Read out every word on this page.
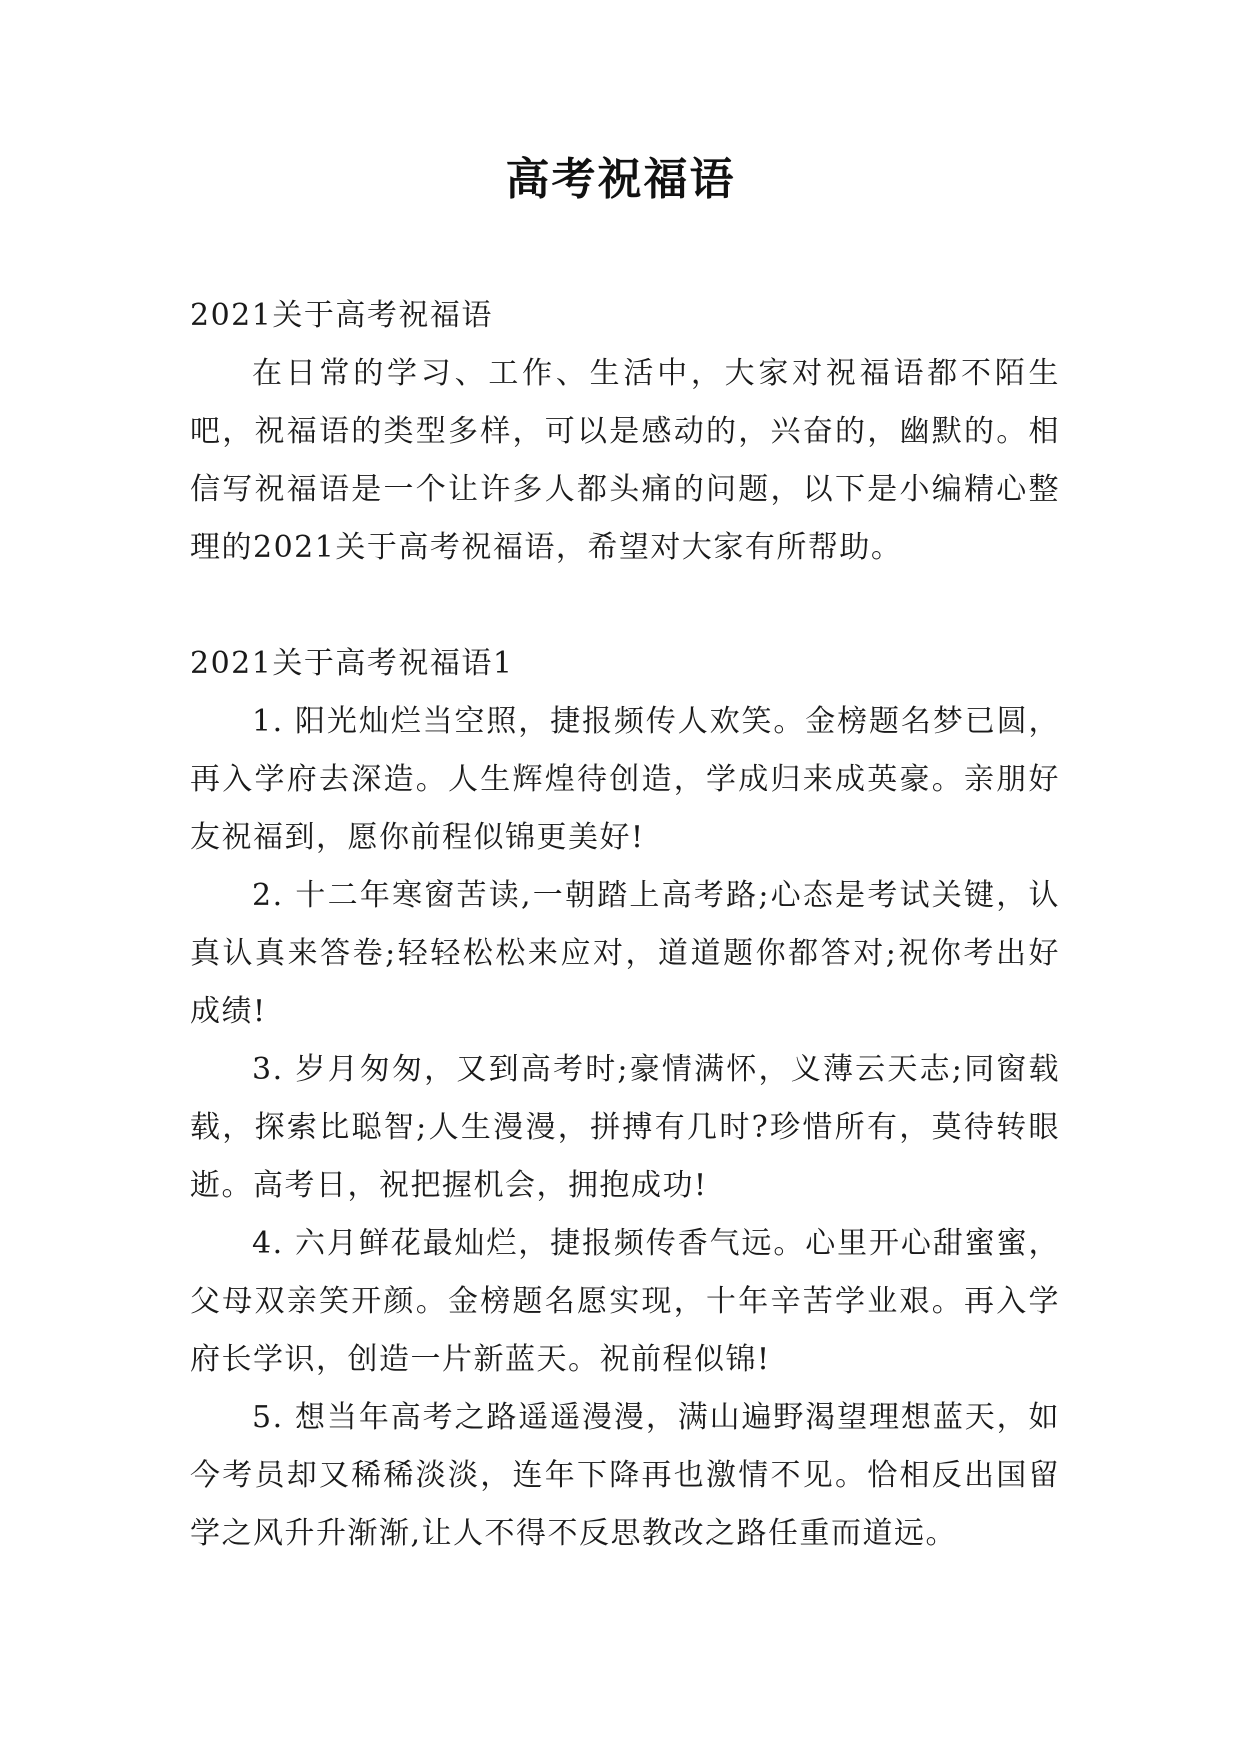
高考祝福语

2021关于高考祝福语

在日常的学习、工作、生活中，大家对祝福语都不陌生吧，祝福语的类型多样，可以是感动的，兴奋的，幽默的。相信写祝福语是一个让许多人都头痛的问题，以下是小编精心整理的2021关于高考祝福语，希望对大家有所帮助。

2021关于高考祝福语1

1. 阳光灿烂当空照，捷报频传人欢笑。金榜题名梦已圆，再入学府去深造。人生辉煌待创造，学成归来成英豪。亲朋好友祝福到，愿你前程似锦更美好!

2. 十二年寒窗苦读,一朝踏上高考路;心态是考试关键，认真认真来答卷;轻轻松松来应对，道道题你都答对;祝你考出好成绩!

3. 岁月匆匆，又到高考时;豪情满怀，义薄云天志;同窗载载，探索比聪智;人生漫漫，拼搏有几时?珍惜所有，莫待转眼逝。高考日，祝把握机会，拥抱成功!

4. 六月鲜花最灿烂，捷报频传香气远。心里开心甜蜜蜜，父母双亲笑开颜。金榜题名愿实现，十年辛苦学业艰。再入学府长学识，创造一片新蓝天。祝前程似锦!

5. 想当年高考之路遥遥漫漫，满山遍野渴望理想蓝天，如今考员却又稀稀淡淡，连年下降再也激情不见。恰相反出国留学之风升升渐渐,让人不得不反思教改之路任重而道远。
